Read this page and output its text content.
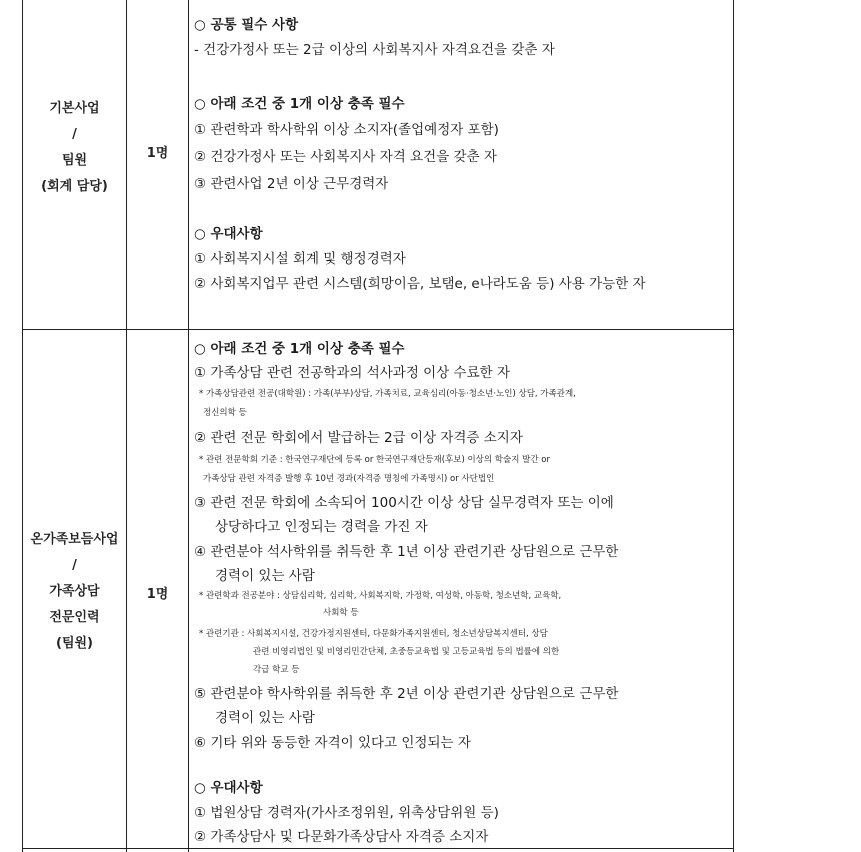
기본사업
/
팀원
(회계 담당)
1명
○ 공통 필수 사항
- 건강가정사 또는 2급 이상의 사회복지사 자격요건을 갖춘 자
○ 아래 조건 중 1개 이상 충족 필수
① 관련학과 학사학위 이상 소지자(졸업예정자 포함)
② 건강가정사 또는 사회복지사 자격 요건을 갖춘 자
③ 관련사업 2년 이상 근무경력자
○ 우대사항
① 사회복지시설 회계 및 행정경력자
② 사회복지업무 관련 시스템(희망이음, 보탬e, e나라도움 등) 사용 가능한 자
온가족보듬사업
/
가족상담
전문인력
(팀원)
1명
○ 아래 조건 중 1개 이상 충족 필수
① 가족상담 관련 전공학과의 석사과정 이상 수료한 자
* 가족상담관련 전공(대학원) : 가족(부부)상담, 가족치료, 교육심리(아동·청소년·노인) 상담, 가족관계,
정신의학 등
② 관련 전문 학회에서 발급하는 2급 이상 자격증 소지자
* 관련 전문학회 기준 : 한국연구재단에 등록 or 한국연구재단등재(후보) 이상의 학술지 발간 or
가족상담 관련 자격증 발행 후 10년 경과(자격증 명칭에 가족명시) or 사단법인
③ 관련 전문 학회에 소속되어 100시간 이상 상담 실무경력자 또는 이에
상당하다고 인정되는 경력을 가진 자
④ 관련분야 석사학위를 취득한 후 1년 이상 관련기관 상담원으로 근무한
경력이 있는 사람
* 관련학과 전공분야 : 상담심리학, 심리학, 사회복지학, 가정학, 여성학, 아동학, 청소년학, 교육학,
사회학 등
* 관련기관 : 사회복지시설, 건강가정지원센터, 다문화가족지원센터, 청소년상담복지센터, 상담
관련 비영리법인 및 비영리민간단체, 초중등교육법 및 고등교육법 등의 법률에 의한
각급 학교 등
⑤ 관련분야 학사학위를 취득한 후 2년 이상 관련기관 상담원으로 근무한
경력이 있는 사람
⑥ 기타 위와 동등한 자격이 있다고 인정되는 자
○ 우대사항
① 법원상담 경력자(가사조정위원, 위촉상담위원 등)
② 가족상담사 및 다문화가족상담사 자격증 소지자
